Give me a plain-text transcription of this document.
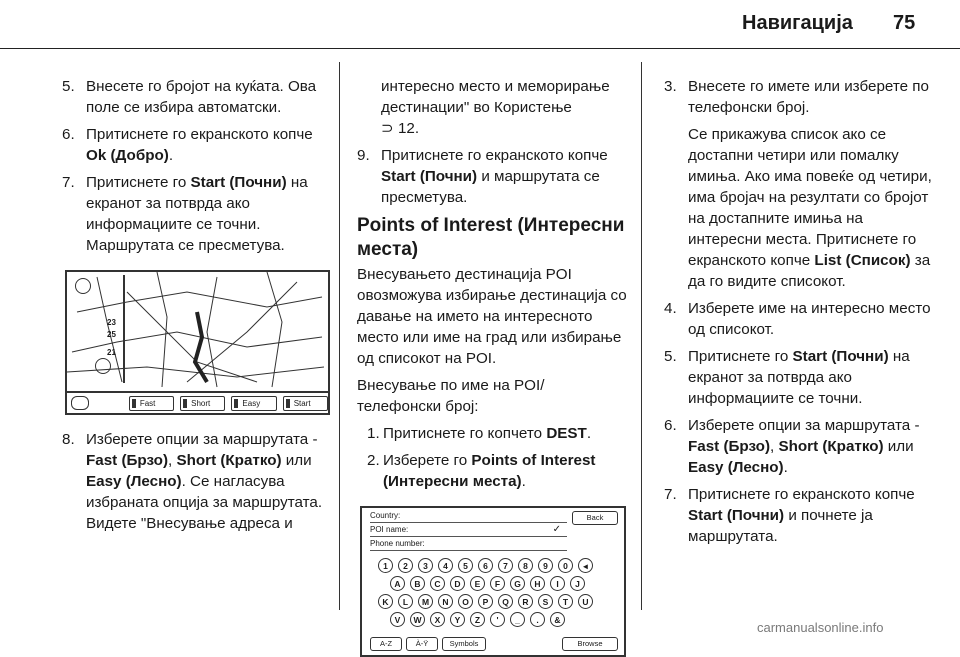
Навигација 75
5. Внесете го бројот на куќата. Ова поле се избира автоматски.
6. Притиснете го екранското копче Ok (Добро).
7. Притиснете го Start (Почни) на екранот за потврда ако информациите се точни. Маршрутата се пресметува.
23
25
21
Fast	Short	Easy	Start
8. Изберете опции за маршрутата - Fast (Брзо), Short (Кратко) или Easy (Лесно). Се нагласува избраната опција за маршрутата. Видете "Внесување адреса и
интересно место и меморирање дестинации" во Користење
⊃ 12.
9. Притиснете го екранското копче Start (Почни) и маршрутата се пресметува.
Points of Interest (Интересни места)

Внесувањето дестинација POI овозможува избирање дестинација со давање на името на интересното место или име на град или избирање од списокот на POI.

Внесување по име на POI/ телефонски број:

1. Притиснете го копчето DEST.
2. Изберете го Points of Interest (Интересни места).
Country:
POI name:	✓
Phone number:
Back
1	2	3	4	5	6	7	8	9	0	◂
A	B	C	D	E	F	G	H	I	J
K	L	M	N	O	P	Q	R	S	T	U
V	W	X	Y	Z	'	_	.	&
A-Z	À-Ÿ	Symbols	Browse
3. Внесете го имете или изберете по телефонски број.
Се прикажува список ако се достапни четири или помалку имиња. Ако има повеќе од четири, има бројач на резултати со бројот на достапните имиња на интересни места. Притиснете го екранското копче List (Список) за да го видите списокот.
4. Изберете име на интересно место од списокот.
5. Притиснете го Start (Почни) на екранот за потврда ако информациите се точни.
6. Изберете опции за маршрутата - Fast (Брзо), Short (Кратко) или Easy (Лесно).
7. Притиснете го екранското копче Start (Почни) и почнете ја маршрутата.
carmanualsonline.info
